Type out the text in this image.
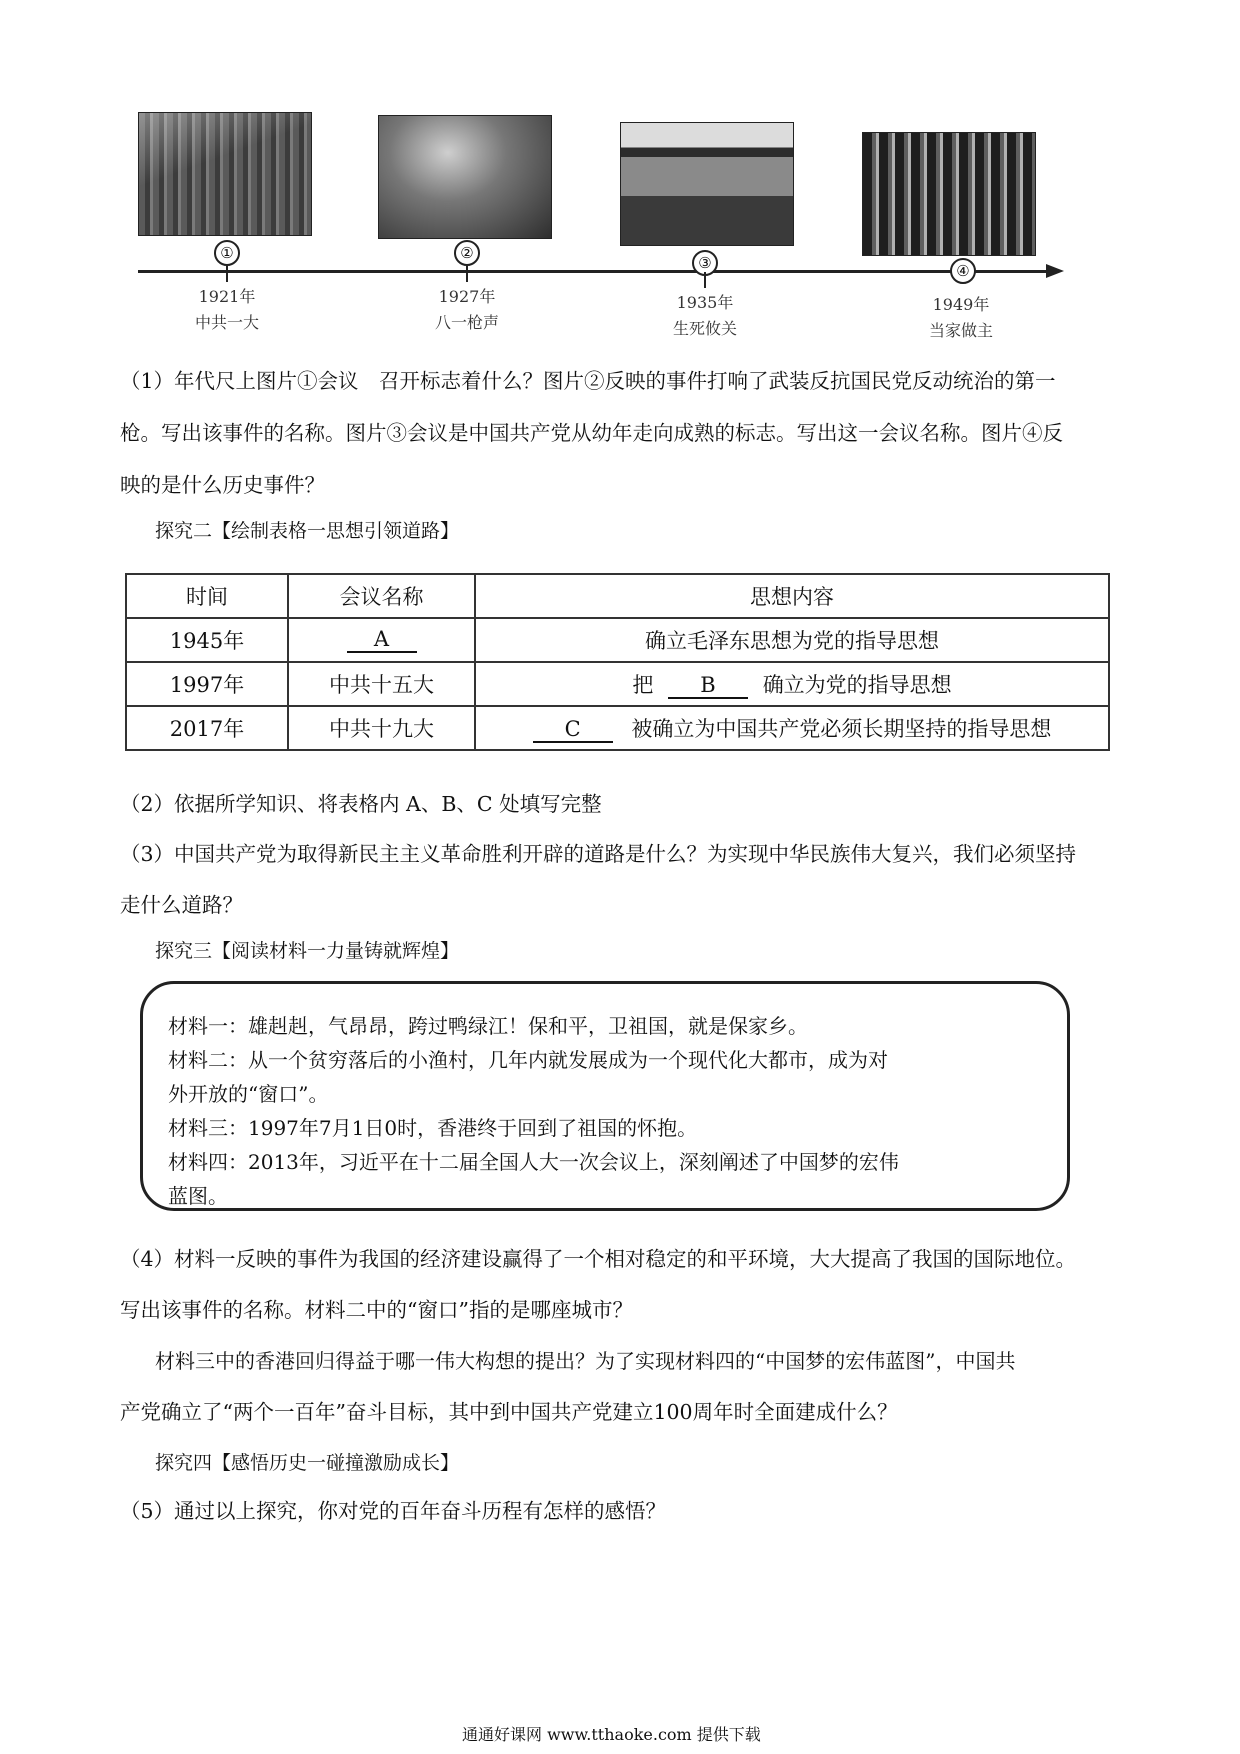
①
1921年
中共一大
②
1927年
八一枪声
③
1935年
生死攸关
④
1949年
当家做主
（1）年代尺上图片①会议　召开标志着什么？图片②反映的事件打响了武装反抗国民党反动统治的第一
枪。写出该事件的名称。图片③会议是中国共产党从幼年走向成熟的标志。写出这一会议名称。图片④反
映的是什么历史事件？
探究二【绘制表格一思想引领道路】
时间	会议名称	思想内容
1945年	A	确立毛泽东思想为党的指导思想
1997年	中共十五大	把 B 确立为党的指导思想
2017年	中共十九大	C 被确立为中国共产党必须长期坚持的指导思想
（2）依据所学知识、将表格内 A、B、C 处填写完整
（3）中国共产党为取得新民主主义革命胜利开辟的道路是什么？为实现中华民族伟大复兴，我们必须坚持
走什么道路？
探究三【阅读材料一力量铸就辉煌】
材料一：雄赳赳，气昂昂，跨过鸭绿江！保和平，卫祖国，就是保家乡。
材料二：从一个贫穷落后的小渔村，几年内就发展成为一个现代化大都市，成为对
外开放的“窗口”。
材料三：1997年7月1日0时，香港终于回到了祖国的怀抱。
材料四：2013年，习近平在十二届全国人大一次会议上，深刻阐述了中国梦的宏伟
蓝图。
（4）材料一反映的事件为我国的经济建设赢得了一个相对稳定的和平环境，大大提高了我国的国际地位。
写出该事件的名称。材料二中的“窗口”指的是哪座城市？
材料三中的香港回归得益于哪一伟大构想的提出？为了实现材料四的“中国梦的宏伟蓝图”，中国共
产党确立了“两个一百年”奋斗目标，其中到中国共产党建立100周年时全面建成什么？
探究四【感悟历史一碰撞激励成长】
（5）通过以上探究，你对党的百年奋斗历程有怎样的感悟？
通通好课网 www.tthaoke.com 提供下载
